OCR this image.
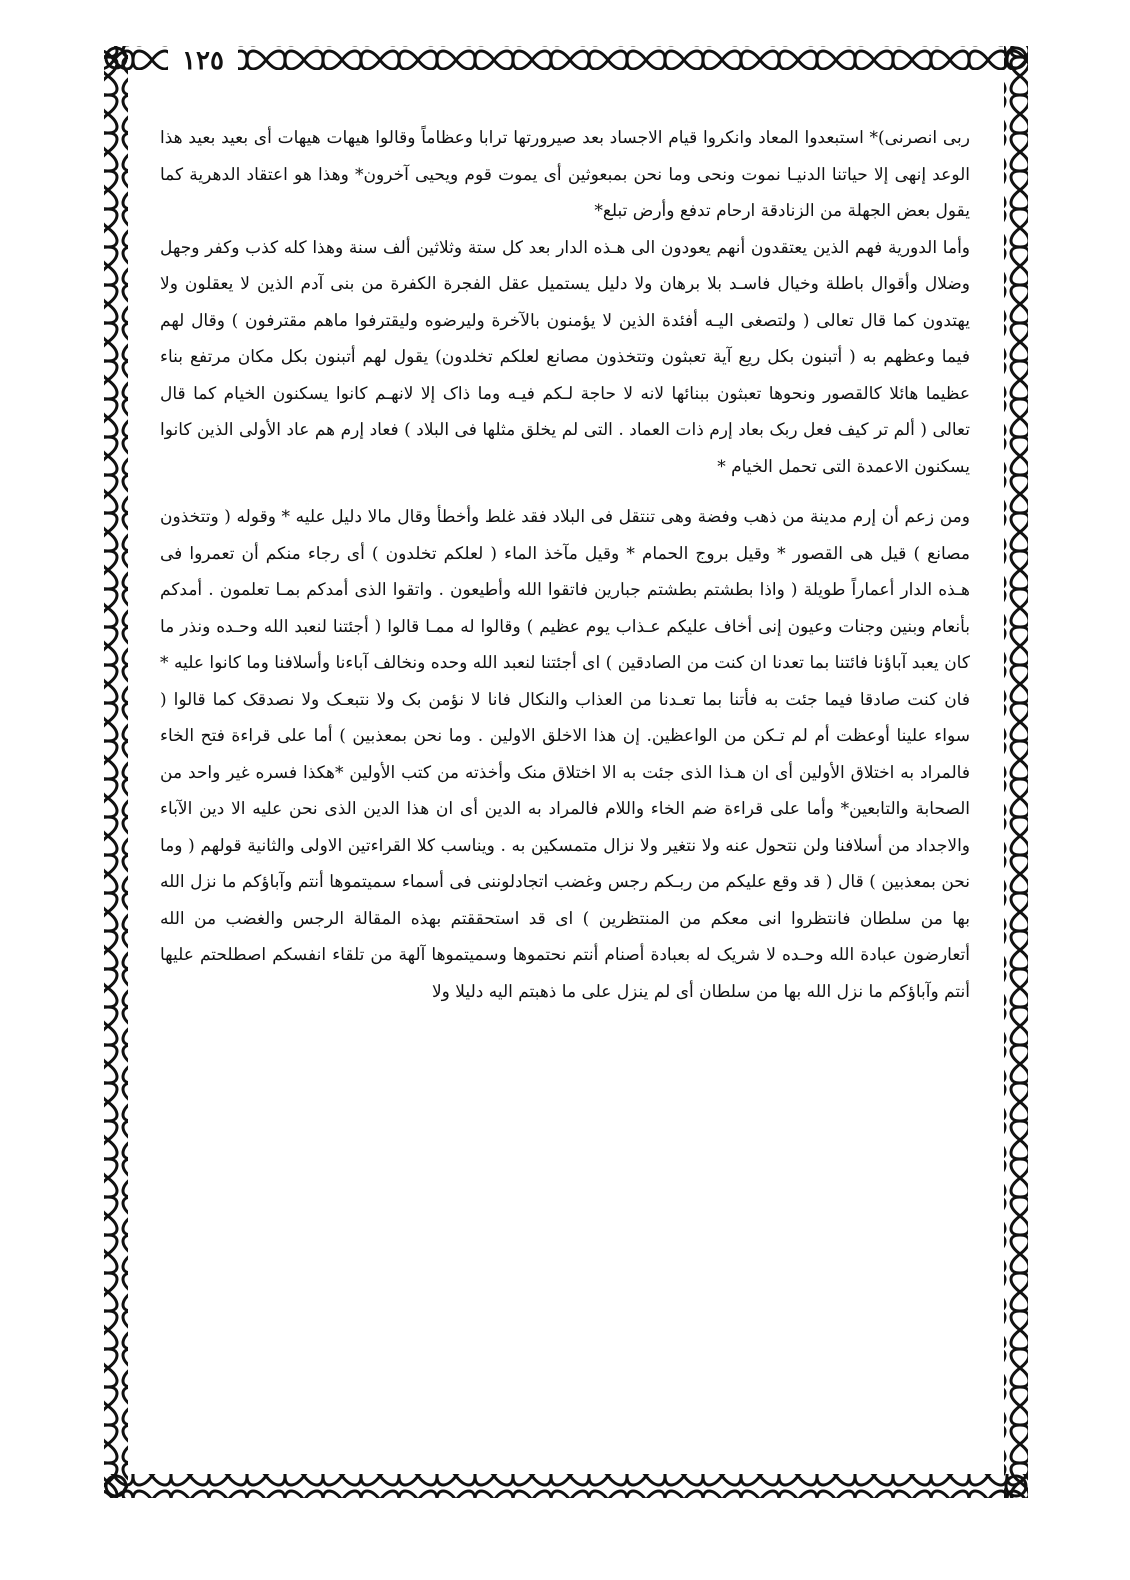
١٢٥

ربی انصرنی)* استبعدوا المعاد وانکروا قیام الاجساد بعد صیرورتها ترابا وعظاماً وقالوا هیهات هیهات أی بعید بعید هذا الوعد إنهی إلا حیاتنا الدنیـا نموت ونحی وما نحن بمبعوثین أی یموت قوم ویحیی آخرون* وهذا هو اعتقاد الدهریة کما یقول بعض الجهلة من الزنادقة ارحام تدفع وأرض تبلع*

وأما الدوریة فهم الذین یعتقدون أنهم یعودون الی هـذه الدار بعد کل ستة وثلاثین ألف سنة وهذا کله کذب وکفر وجهل وضلال وأقوال باطلة وخیال فاسـد بلا برهان ولا دلیل یستمیل عقل الفجرة الکفرة من بنی آدم الذین لا یعقلون ولا یهتدون کما قال تعالی ( ولتصغی الیـه أفئدة الذین لا یؤمنون بالآخرة ولیرضوه ولیقترفوا ماهم مقترفون ) وقال لهم فیما وعظهم به ( أتبنون بکل ریع آیة تعبثون وتتخذون مصانع لعلکم تخلدون) یقول لهم أتبنون بکل مکان مرتفع بناء عظیما هائلا کالقصور ونحوها تعبثون ببنائها لانه لا حاجة لـکم فیـه وما ذاک إلا لانهـم کانوا یسکنون الخیام کما قال تعالی ( ألم تر کیف فعل ربک بعاد إرم ذات العماد . التی لم یخلق مثلها فی البلاد ) فعاد إرم هم عاد الأولی الذین کانوا یسکنون الاعمدة التی تحمل الخیام *

ومن زعم أن إرم مدینة من ذهب وفضة وهی تنتقل فی البلاد فقد غلط وأخطأ وقال مالا دلیل علیه * وقوله ( وتتخذون مصانع ) قیل هی القصور * وقیل بروج الحمام * وقیل مآخذ الماء ( لعلکم تخلدون ) أی رجاء منکم أن تعمروا فی هـذه الدار أعماراً طویلة ( واذا بطشتم بطشتم جبارین فاتقوا الله وأطیعون . واتقوا الذی أمدکم بمـا تعلمون . أمدکم بأنعام وبنین وجنات وعیون إنی أخاف علیکم عـذاب یوم عظیم ) وقالوا له ممـا قالوا ( أجئتنا لنعبد الله وحـده ونذر ما کان یعبد آباؤنا فائتنا بما تعدنا ان کنت من الصادقین ) ای أجئتنا لنعبد الله وحده ونخالف آباءنا وأسلافنا وما کانوا علیه * فان کنت صادقا فیما جئت به فأتنا بما تعـدنا من العذاب والنکال فانا لا نؤمن بک ولا نتبعـک ولا نصدقک کما قالوا ( سواء علینا أوعظت أم لم تـکن من الواعظین. إن هذا الاخلق الاولین . وما نحن بمعذبین ) أما علی قراءة فتح الخاء فالمراد به اختلاق الأولین أی ان هـذا الذی جئت به الا اختلاق منک وأخذته من کتب الأولین *هکذا فسره غیر واحد من الصحابة والتابعین* وأما علی قراءة ضم الخاء واللام فالمراد به الدین أی ان هذا الدین الذی نحن علیه الا دین الآباء والاجداد من أسلافنا ولن نتحول عنه ولا نتغیر ولا نزال متمسکین به . ویناسب کلا القراءتین الاولی والثانیة قولهم ( وما نحن بمعذبین ) قال ( قد وقع علیکم من ربـکم رجس وغضب اتجادلوننی فی أسماء سمیتموها أنتم وآباؤکم ما نزل الله بها من سلطان فانتظروا انی معکم من المنتظرین ) ای قد استحققتم بهذه المقالة الرجس والغضب من الله أتعارضون عبادة الله وحـده لا شریک له بعبادة أصنام أنتم نحتموها وسمیتموها آلهة من تلقاء انفسکم اصطلحتم علیها أنتم وآباؤکم ما نزل الله بها من سلطان أی لم ینزل علی ما ذهبتم الیه دلیلا ولا
